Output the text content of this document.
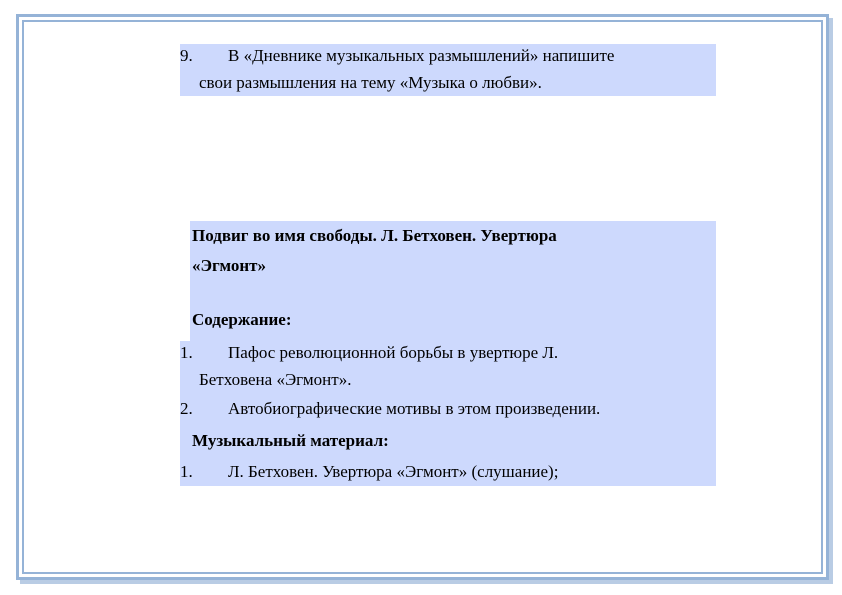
9. В «Дневнике музыкальных размышлений» напишите
свои размышления на тему «Музыка о любви».
Подвиг во имя свободы. Л. Бетховен. Увертюра
«Эгмонт»
Содержание:
1. Пафос революционной борьбы в увертюре Л.
Бетховена «Эгмонт».
2. Автобиографические мотивы в этом произведении.
Музыкальный материал:
1. Л. Бетховен. Увертюра «Эгмонт» (слушание);
